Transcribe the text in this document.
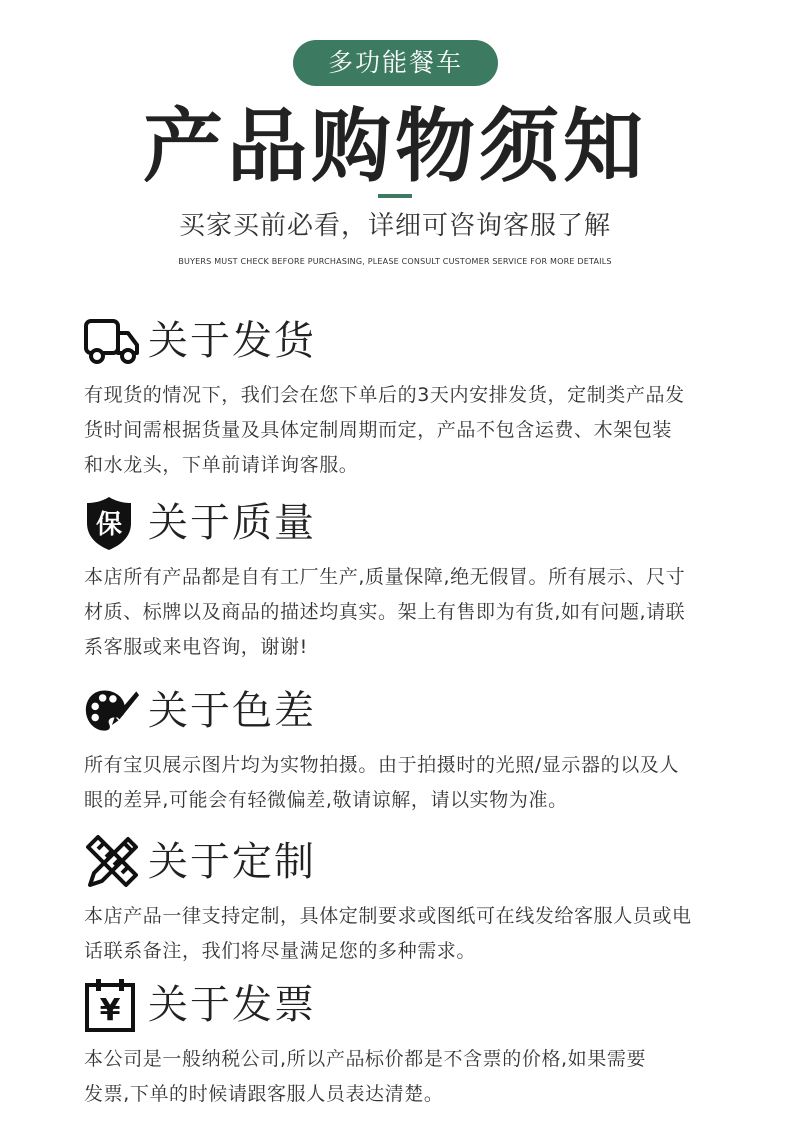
多功能餐车
产品购物须知
买家买前必看，详细可咨询客服了解
BUYERS MUST CHECK BEFORE PURCHASING, PLEASE CONSULT CUSTOMER SERVICE FOR MORE DETAILS
关于发货
有现货的情况下，我们会在您下单后的3天内安排发货，定制类产品发
货时间需根据货量及具体定制周期而定，产品不包含运费、木架包装
和水龙头，下单前请详询客服。
保 关于质量
本店所有产品都是自有工厂生产,质量保障,绝无假冒。所有展示、尺寸
材质、标牌以及商品的描述均真实。架上有售即为有货,如有问题,请联
系客服或来电咨询，谢谢!
关于色差
所有宝贝展示图片均为实物拍摄。由于拍摄时的光照/显示器的以及人
眼的差异,可能会有轻微偏差,敬请谅解，请以实物为准。
关于定制
本店产品一律支持定制，具体定制要求或图纸可在线发给客服人员或电
话联系备注，我们将尽量满足您的多种需求。
¥ 关于发票
本公司是一般纳税公司,所以产品标价都是不含票的价格,如果需要
发票,下单的时候请跟客服人员表达清楚。
